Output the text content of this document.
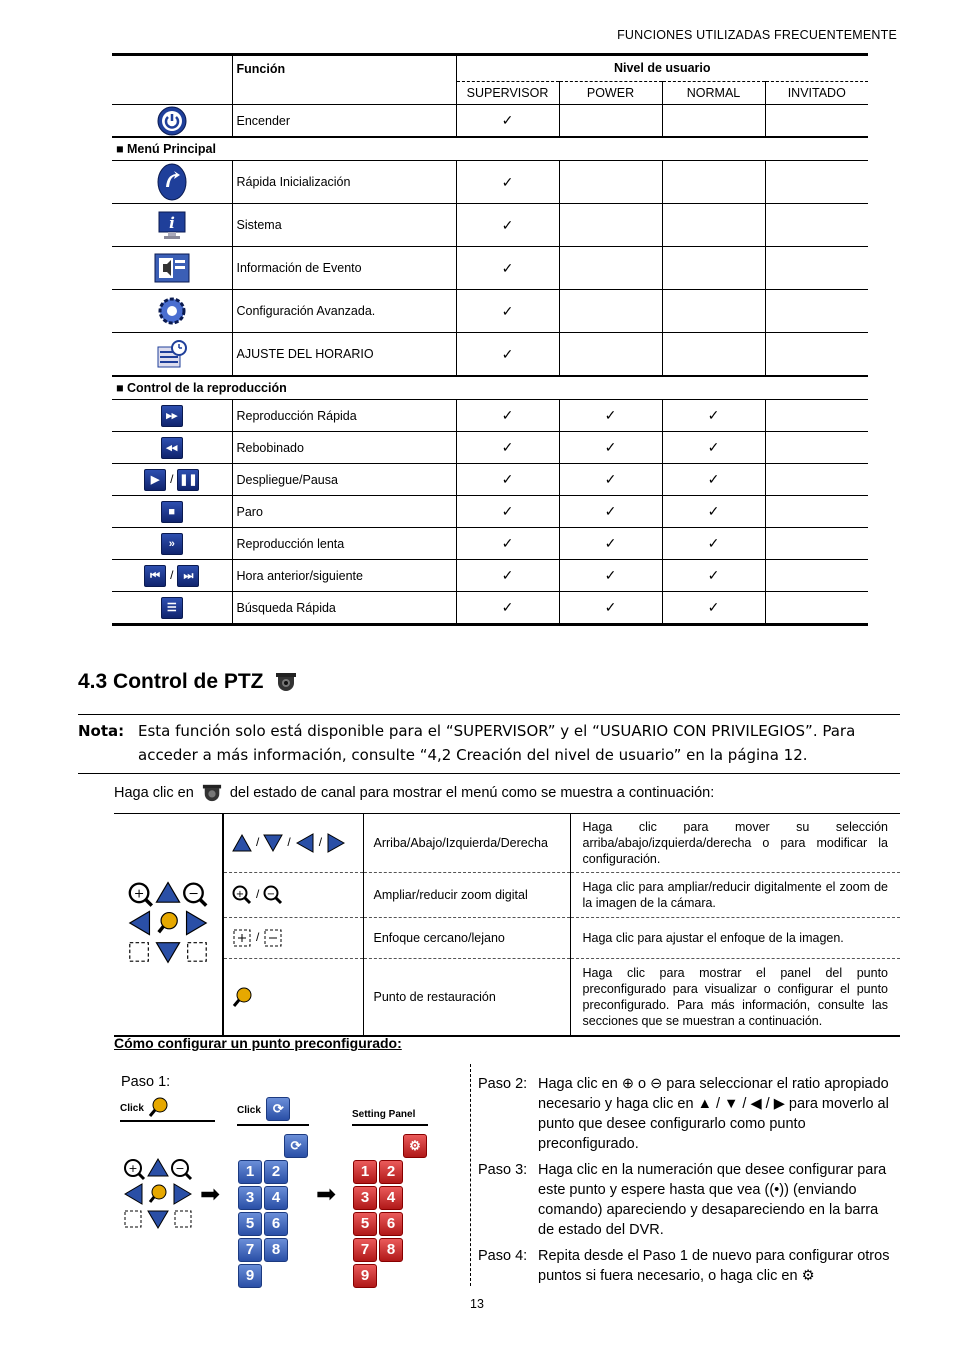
FUNCIONES UTILIZADAS FRECUENTEMENTE

	Función	Nivel de usuario			
		SUPERVISOR	POWER	NORMAL	INVITADO
	Encender	✓			
■ Menú Principal					
	Rápida Inicialización	✓			

i	Sistema	✓			
	Información de Evento	✓			
	Configuración Avanzada.	✓			
	AJUSTE DEL HORARIO	✓			
■ Control de la reproducción					
▸▸	Reproducción Rápida	✓	✓	✓	
◂◂	Rebobinado	✓	✓	✓	
▶ / ❚❚	Despliegue/Pausa	✓	✓	✓	
■	Paro	✓	✓	✓	
»	Reproducción lenta	✓	✓	✓	
⏮ / ⏭	Hora anterior/siguiente	✓	✓	✓	
☰	Búsqueda Rápida	✓	✓	✓	

4.3 Control de PTZ
Nota: Esta función solo está disponible para el “SUPERVISOR” y el “USUARIO CON PRIVILEGIOS”. Para acceder a más información, consulte “4,2 Creación del nivel de usuario” en la página 12.
Haga clic en del estado de canal para mostrar el menú como se muestra a continuación:
+ −	/ / /	Arriba/Abajo/Izquierda/Derecha	Haga clic para mover su selección arriba/abajo/izquierda/derecha o para modificar la configuración.

+ / −	Ampliar/reducir zoom digital	Haga clic para ampliar/reducir digitalmente el zoom de la imagen de la cámara.
	/	Enfoque cercano/lejano	Haga clic para ajustar el enfoque de la imagen.
	Punto de restauración	Haga clic para mostrar el panel del punto preconfigurado para visualizar o configurar el punto preconfigurado. Para más información, consulte las secciones que se muestran a continuación.
Cómo configurar un punto preconfigurado:
Paso 1:
Click	Click ⟳	Setting Panel
+	−
➡	➡
⟳
1 23 45 67 89
⚙
1 23 45 67 89
Paso 2: Haga clic en ⊕ o ⊖ para seleccionar el ratio apropiado necesario y haga clic en ▲ / ▼ / ◀ / ▶ para moverlo al punto que desee configurarlo como punto preconfigurado.
Paso 3: Haga clic en la numeración que desee configurar para este punto y espere hasta que vea ((•)) (enviando comando) apareciendo y desapareciendo en la barra de estado del DVR.
Paso 4: Repita desde el Paso 1 de nuevo para configurar otros puntos si fuera necesario, o haga clic en ⚙
13
